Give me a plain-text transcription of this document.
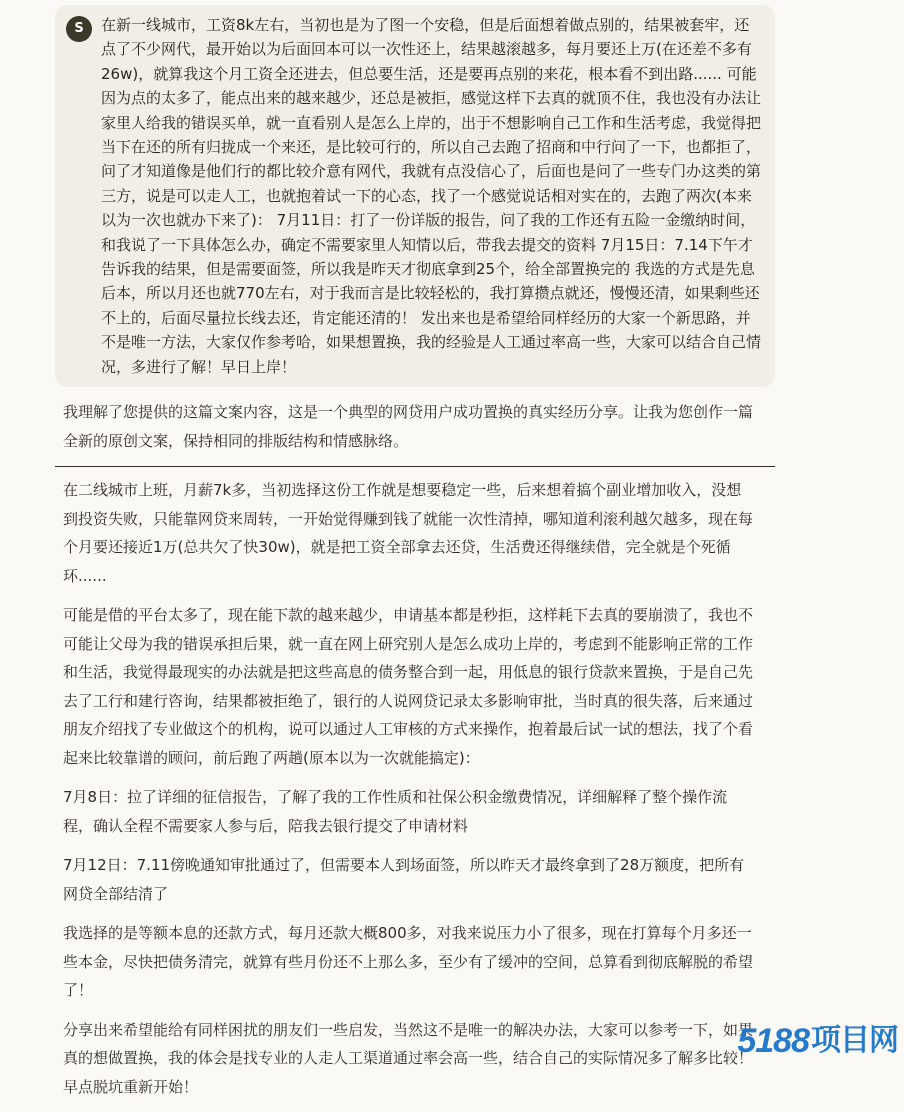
S	在新一线城市，工资8k左右，当初也是为了图一个安稳，但是后面想着做点别的，结果被套牢，还点了不少网代，最开始以为后面回本可以一次性还上，结果越滚越多，每月要还上万(在还差不多有26w)，就算我这个月工资全还进去，但总要生活，还是要再点别的来花，根本看不到出路...... 可能因为点的太多了，能点出来的越来越少，还总是被拒，感觉这样下去真的就顶不住，我也没有办法让家里人给我的错误买单，就一直看别人是怎么上岸的，出于不想影响自己工作和生活考虑，我觉得把当下在还的所有归拢成一个来还，是比较可行的，所以自己去跑了招商和中行问了一下，也都拒了，问了才知道像是他们行的都比较介意有网代，我就有点没信心了，后面也是问了一些专门办这类的第三方，说是可以走人工，也就抱着试一下的心态，找了一个感觉说话相对实在的，去跑了两次(本来以为一次也就办下来了)： 7月11日：打了一份详版的报告，问了我的工作还有五险一金缴纳时间，和我说了一下具体怎么办，确定不需要家里人知情以后，带我去提交的资料 7月15日：7.14下午才告诉我的结果，但是需要面签，所以我是昨天才彻底拿到25个，给全部置换完的 我选的方式是先息后本，所以月还也就770左右，对于我而言是比较轻松的，我打算攒点就还，慢慢还清，如果剩些还不上的，后面尽量拉长线去还，肯定能还清的！ 发出来也是希望给同样经历的大家一个新思路，并不是唯一方法，大家仅作参考哈，如果想置换，我的经验是人工通过率高一些，大家可以结合自己情况，多进行了解！早日上岸！

我理解了您提供的这篇文案内容，这是一个典型的网贷用户成功置换的真实经历分享。让我为您创作一篇全新的原创文案，保持相同的排版结构和情感脉络。

在二线城市上班，月薪7k多，当初选择这份工作就是想要稳定一些，后来想着搞个副业增加收入，没想到投资失败，只能靠网贷来周转，一开始觉得赚到钱了就能一次性清掉，哪知道利滚利越欠越多，现在每个月要还接近1万(总共欠了快30w)，就是把工资全部拿去还贷，生活费还得继续借，完全就是个死循环......

可能是借的平台太多了，现在能下款的越来越少，申请基本都是秒拒，这样耗下去真的要崩溃了，我也不可能让父母为我的错误承担后果，就一直在网上研究别人是怎么成功上岸的，考虑到不能影响正常的工作和生活，我觉得最现实的办法就是把这些高息的债务整合到一起，用低息的银行贷款来置换，于是自己先去了工行和建行咨询，结果都被拒绝了，银行的人说网贷记录太多影响审批，当时真的很失落，后来通过朋友介绍找了专业做这个的机构，说可以通过人工审核的方式来操作，抱着最后试一试的想法，找了个看起来比较靠谱的顾问，前后跑了两趟(原本以为一次就能搞定)：

7月8日：拉了详细的征信报告，了解了我的工作性质和社保公积金缴费情况，详细解释了整个操作流程，确认全程不需要家人参与后，陪我去银行提交了申请材料

7月12日：7.11傍晚通知审批通过了，但需要本人到场面签，所以昨天才最终拿到了28万额度，把所有网贷全部结清了

我选择的是等额本息的还款方式，每月还款大概800多，对我来说压力小了很多，现在打算每个月多还一些本金，尽快把债务清完，就算有些月份还不上那么多，至少有了缓冲的空间，总算看到彻底解脱的希望了！

分享出来希望能给有同样困扰的朋友们一些启发，当然这不是唯一的解决办法，大家可以参考一下，如果真的想做置换，我的体会是找专业的人走人工渠道通过率会高一些，结合自己的实际情况多了解多比较！早点脱坑重新开始！

5188 项目网
